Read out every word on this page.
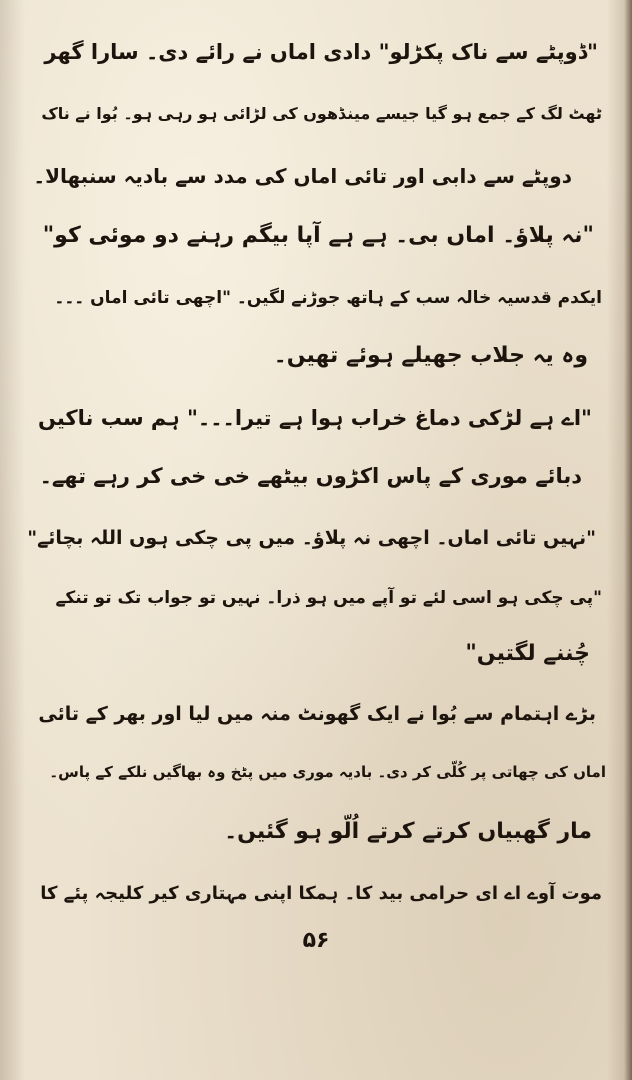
"ڈوپٹے سے ناک پکڑلو" دادی اماں نے رائے دی۔ سارا گھر
ٹھٹ لگ کے جمع ہو گیا جیسے مینڈھوں کی لڑائی ہو رہی ہو۔ بُوا نے ناک
دوپٹے سے دابی اور تائی اماں کی مدد سے بادیہ سنبھالا۔
"نہ پلاؤ۔ اماں بی۔ ہے ہے آپا بیگم رہنے دو موئی کو"
ایکدم قدسیہ خالہ سب کے ہاتھ جوڑنے لگیں۔ "اچھی تائی اماں ۔۔۔
وہ یہ جلاب جھیلے ہوئے تھیں۔
"اے ہے لڑکی دماغ خراب ہوا ہے تیرا۔۔۔" ہم سب ناکیں
دبائے موری کے پاس اکڑوں بیٹھے خی خی کر رہے تھے۔
"نہیں تائی اماں۔ اچھی نہ پلاؤ۔ میں پی چکی ہوں اللہ بچائے"
"پی چکی ہو اسی لئے تو آپے میں ہو ذرا۔ نہیں تو جواب تک تو تنکے
چُننے لگتیں"
بڑے اہتمام سے بُوا نے ایک گھونٹ منہ میں لیا اور بھر کے تائی
اماں کی چھاتی پر کُلّی کر دی۔ بادیہ موری میں پٹخ وہ بھاگیں نلکے کے پاس۔
مار گھبیاں کرتے کرتے اُلّو ہو گئیں۔
موت آوے اے ای حرامی بید کا۔ ہمکا اپنی مہتاری کیر کلیجہ پئے کا
۵۶
